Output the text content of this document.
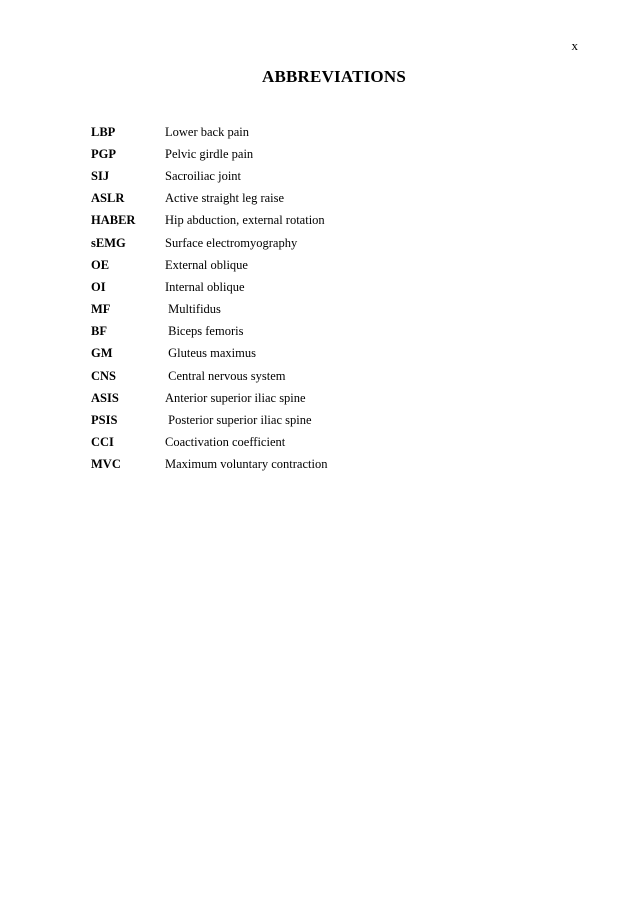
x
ABBREVIATIONS
LBP	Lower back pain
PGP	Pelvic girdle pain
SIJ	Sacroiliac joint
ASLR	Active straight leg raise
HABER	Hip abduction, external rotation
sEMG	Surface electromyography
OE	External oblique
OI	Internal oblique
MF	Multifidus
BF	Biceps femoris
GM	Gluteus maximus
CNS	Central nervous system
ASIS	Anterior superior iliac spine
PSIS	Posterior superior iliac spine
CCI	Coactivation coefficient
MVC	Maximum voluntary contraction
